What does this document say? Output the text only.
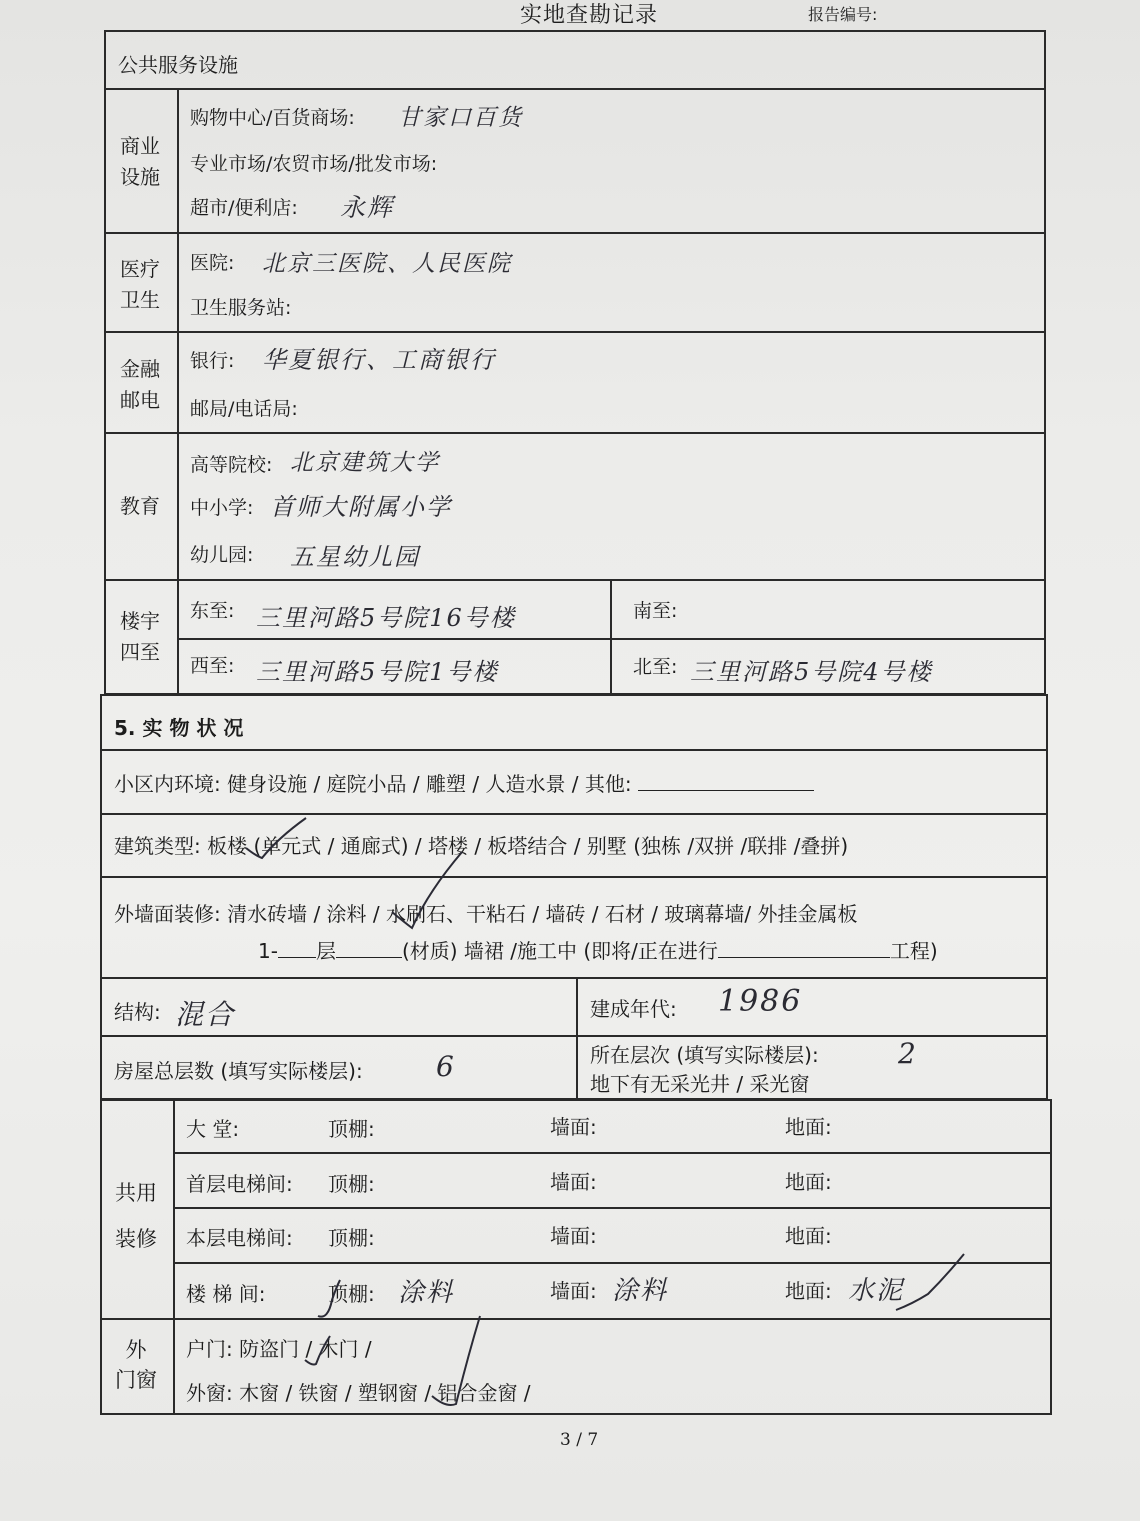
实地查勘记录	报告编号:
公共服务设施
商业
设施
购物中心/百货商场: 甘家口百货
专业市场/农贸市场/批发市场:
超市/便利店: 永辉
医疗
卫生
医院: 北京三医院、人民医院
卫生服务站:
金融
邮电
银行: 华夏银行、工商银行
邮局/电话局:
教育
高等院校: 北京建筑大学
中小学: 首师大附属小学
幼儿园: 五星幼儿园
楼宇
四至
东至: 三里河路5号院16号楼	南至:
西至: 三里河路5号院1号楼	北至: 三里河路5号院4号楼
5. 实 物 状 况
小区内环境: 健身设施 / 庭院小品 / 雕塑 / 人造水景 / 其他:
建筑类型: 板楼 (单元式 / 通廊式) / 塔楼 / 板塔结合 / 别墅 (独栋 /双拼 /联排 /叠拼)
外墙面装修: 清水砖墙 / 涂料 / 水刷石、干粘石 / 墙砖 / 石材 / 玻璃幕墙/ 外挂金属板
1- 层	(材质) 墙裙 /施工中 (即将/正在进行	工程)
结构: 混合	建成年代: 1986
房屋总层数 (填写实际楼层):	6	所在层次 (填写实际楼层):	2
地下有无采光井 / 采光窗
共用
装修
大 堂:	顶棚:	墙面:	地面:
首层电梯间: 顶棚:	墙面:	地面:
本层电梯间: 顶棚:	墙面:	地面:
楼 梯 间:	顶棚: 涂料	墙面: 涂料	地面: 水泥
外
门窗
户门: 防盗门 / 木门 /
外窗: 木窗 / 铁窗 / 塑钢窗 / 铝合金窗 /
3 / 7
